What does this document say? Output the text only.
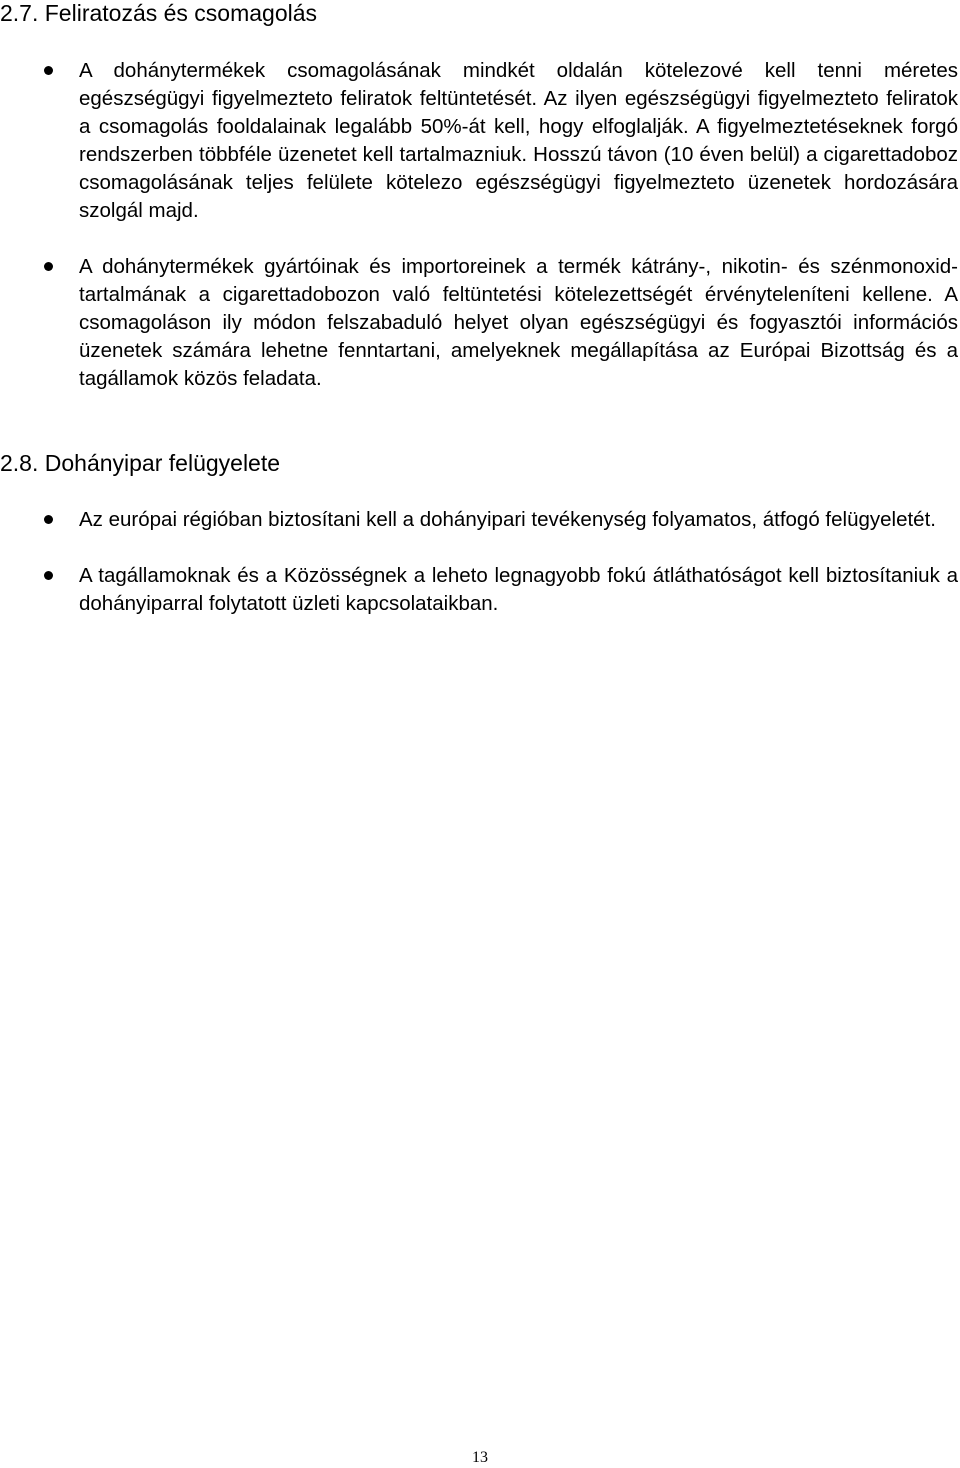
2.7. Feliratozás és csomagolás
A dohánytermékek csomagolásának mindkét oldalán kötelezové kell tenni méretes egészségügyi figyelmezteto feliratok feltüntetését. Az ilyen egészségügyi figyelmezteto feliratok a csomagolás fooldalainak legalább 50%-át kell, hogy elfoglalják. A figyelmeztetéseknek forgó rendszerben többféle üzenetet kell tartalmazniuk. Hosszú távon (10 éven belül) a cigarettadoboz csomagolásának teljes felülete kötelezo egészségügyi figyelmezteto üzenetek hordozására szolgál majd.
A dohánytermékek gyártóinak és importoreinek a termék kátrány-, nikotin- és szénmonoxid-tartalmának a cigarettadobozon való feltüntetési kötelezettségét érvényteleníteni kellene. A csomagoláson ily módon felszabaduló helyet olyan egészségügyi és fogyasztói információs üzenetek számára lehetne fenntartani, amelyeknek megállapítása az Európai Bizottság és a tagállamok közös feladata.
2.8. Dohányipar felügyelete
Az európai régióban biztosítani kell a dohányipari tevékenység folyamatos, átfogó felügyeletét.
A tagállamoknak és a Közösségnek a leheto legnagyobb fokú átláthatóságot kell biztosítaniuk a dohányiparral folytatott üzleti kapcsolataikban.
13
